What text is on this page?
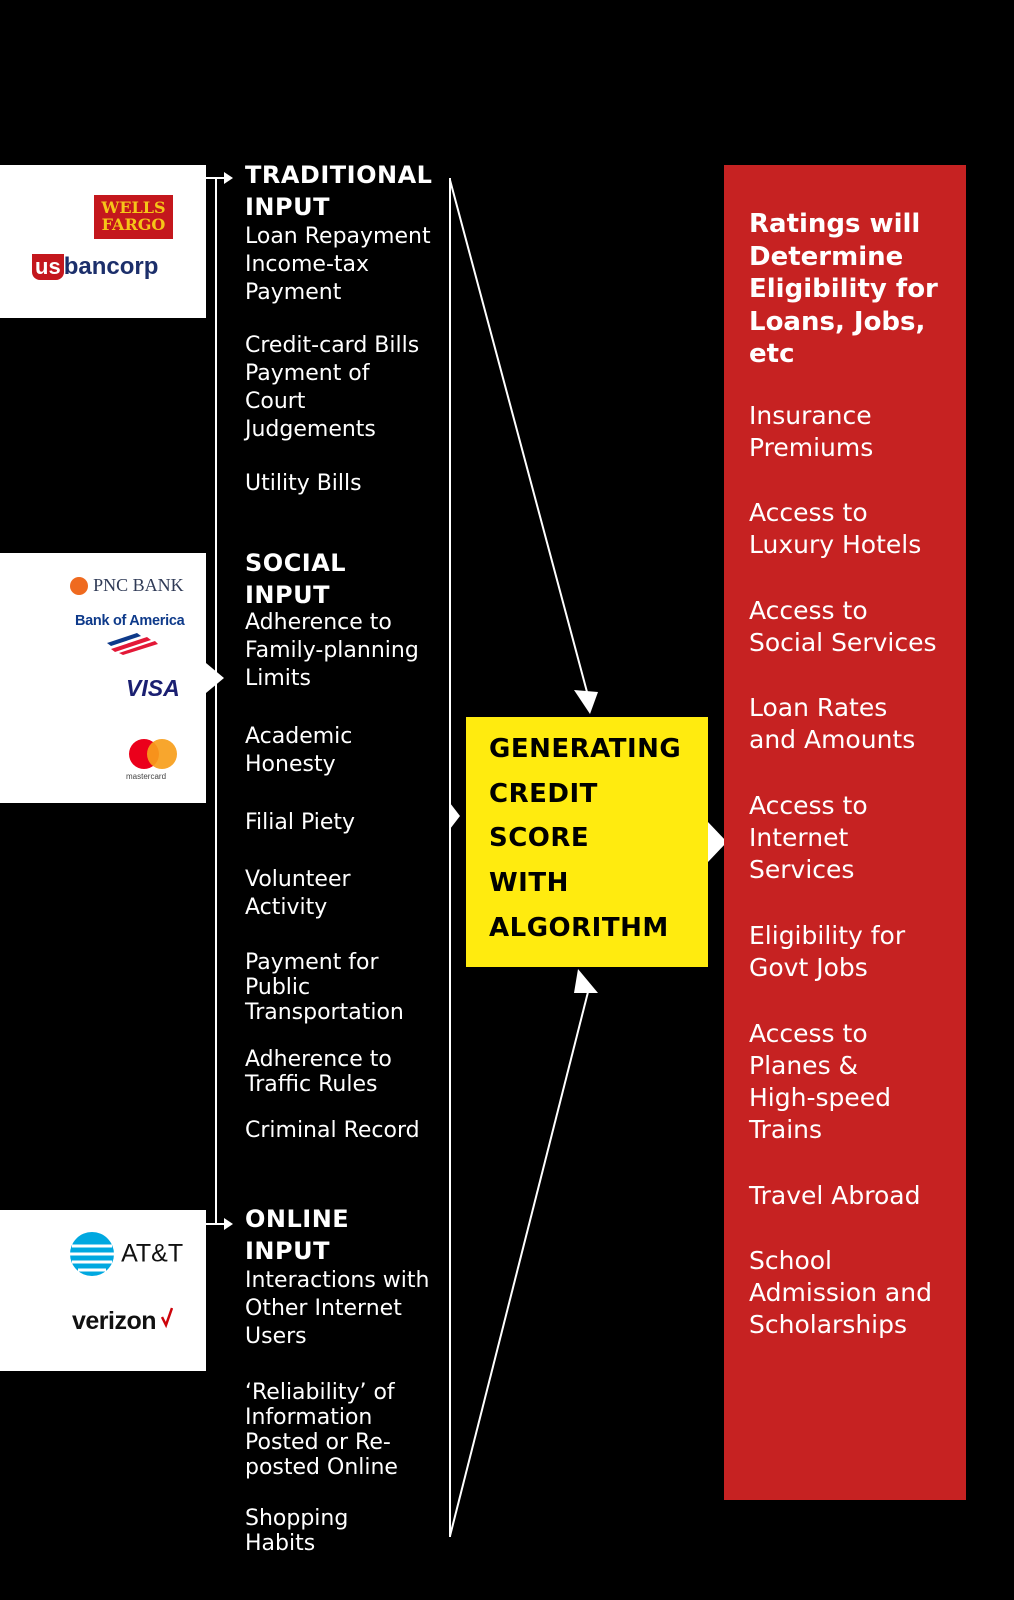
WELLS
FARGO
us bancorp
PNC BANK
Bank of America
VISA
mastercard
AT&T
verizon
TRADITIONAL
INPUT
Loan Repayment
Income-tax
Payment
Credit-card Bills
Payment of
Court
Judgements
Utility Bills
SOCIAL
INPUT
Adherence to
Family-planning
Limits
Academic
Honesty
Filial Piety
Volunteer
Activity
Payment for
Public
Transportation
Adherence to
Traffic Rules
Criminal Record
ONLINE
INPUT
Interactions with
Other Internet
Users
‘Reliability’ of
Information
Posted or Re-
posted Online
Shopping
Habits
GENERATING
CREDIT
SCORE
WITH
ALGORITHM
Ratings will
Determine
Eligibility for
Loans, Jobs,
etc
Insurance
Premiums
Access to
Luxury Hotels
Access to
Social Services
Loan Rates
and Amounts
Access to
Internet
Services
Eligibility for
Govt Jobs
Access to
Planes &
High-speed
Trains
Travel Abroad
School
Admission and
Scholarships
